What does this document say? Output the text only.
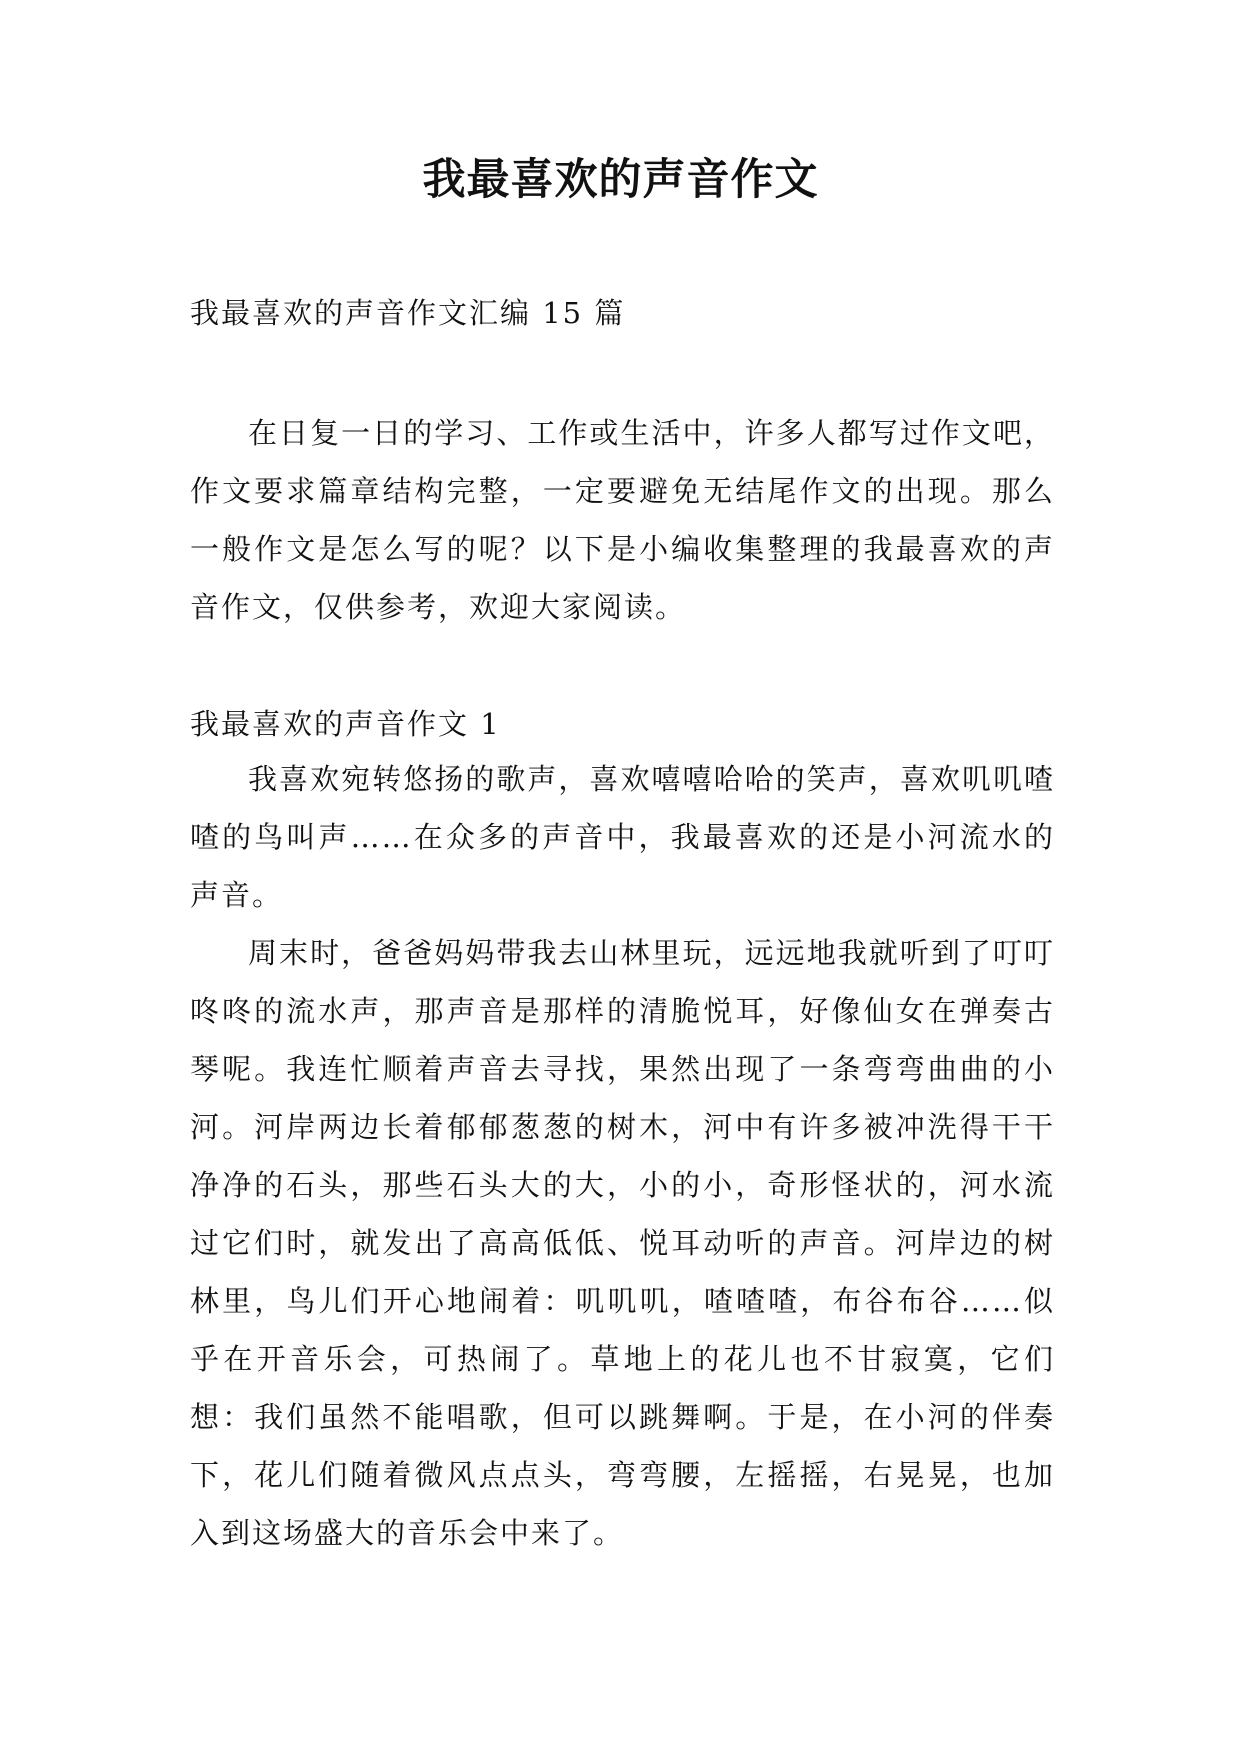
我最喜欢的声音作文
我最喜欢的声音作文汇编 15 篇

在日复一日的学习、工作或生活中，许多人都写过作文吧，作文要求篇章结构完整，一定要避免无结尾作文的出现。那么一般作文是怎么写的呢？以下是小编收集整理的我最喜欢的声音作文，仅供参考，欢迎大家阅读。

我最喜欢的声音作文 1

我喜欢宛转悠扬的歌声，喜欢嘻嘻哈哈的笑声，喜欢叽叽喳喳的鸟叫声……在众多的声音中，我最喜欢的还是小河流水的声音。

周末时，爸爸妈妈带我去山林里玩，远远地我就听到了叮叮咚咚的流水声，那声音是那样的清脆悦耳，好像仙女在弹奏古琴呢。我连忙顺着声音去寻找，果然出现了一条弯弯曲曲的小河。河岸两边长着郁郁葱葱的树木，河中有许多被冲洗得干干净净的石头，那些石头大的大，小的小，奇形怪状的，河水流过它们时，就发出了高高低低、悦耳动听的声音。河岸边的树林里，鸟儿们开心地闹着：叽叽叽，喳喳喳，布谷布谷……似乎在开音乐会，可热闹了。草地上的花儿也不甘寂寞，它们想：我们虽然不能唱歌，但可以跳舞啊。于是，在小河的伴奏下，花儿们随着微风点点头，弯弯腰，左摇摇，右晃晃，也加入到这场盛大的音乐会中来了。
